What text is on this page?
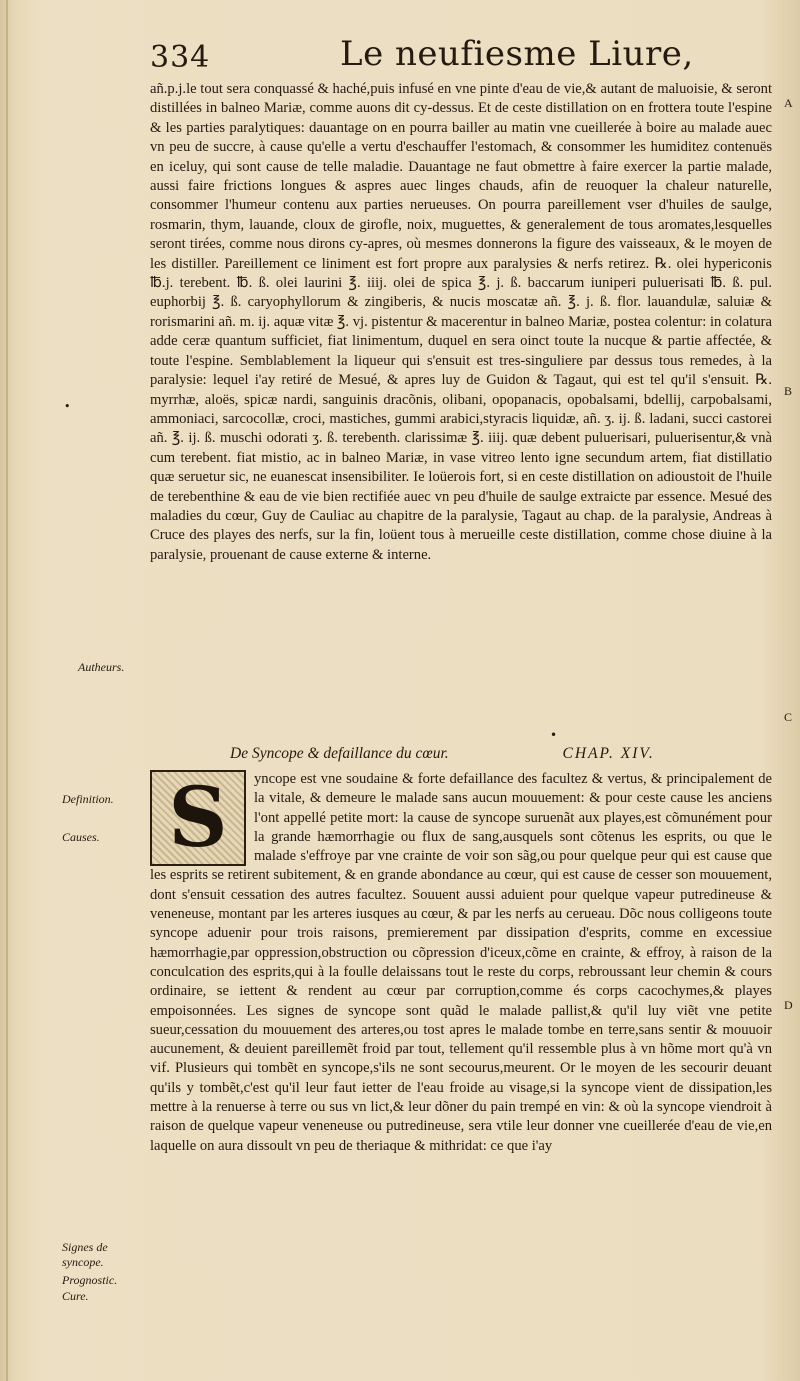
334	Le neufiesme Liure,
A
B
C
D
•
Autheurs.
Definition.
Causes.
Signes de syncope.
Prognostic.
Cure.

añ.p.j.le tout sera conquassé & haché,puis infusé en vne pinte d'eau de vie,& autant de maluoisie, & seront distillées in balneo Mariæ, comme auons dit cy-dessus. Et de ceste distillation on en frottera toute l'espine & les parties paralytiques: dauantage on en pourra bailler au matin vne cueillerée à boire au malade auec vn peu de succre, à cause qu'elle a vertu d'eschauffer l'estomach, & consommer les humiditez contenuës en iceluy, qui sont cause de telle maladie. Dauantage ne faut obmettre à faire exercer la partie malade, aussi faire frictions longues & aspres auec linges chauds, afin de reuoquer la chaleur naturelle, consommer l'humeur contenu aux parties nerueuses. On pourra pareillement vser d'huiles de saulge, rosmarin, thym, lauande, cloux de girofle, noix, muguettes, & generalement de tous aromates,lesquelles seront tirées, comme nous dirons cy-apres, où mesmes donnerons la figure des vaisseaux, & le moyen de les distiller. Pareillement ce liniment est fort propre aux paralysies & nerfs retirez. ℞. olei hypericonis ℔.j. terebent. ℔. ß. olei laurini ℥. iiij. olei de spica ℥. j. ß. baccarum iuniperi puluerisati ℔. ß. pul. euphorbij ℥. ß. caryophyllorum & zingiberis, & nucis moscatæ añ. ℥. j. ß. flor. lauandulæ, saluiæ & rorismarini añ. m. ij. aquæ vitæ ℥. vj. pistentur & macerentur in balneo Mariæ, postea colentur: in colatura adde ceræ quantum sufficiet, fiat linimentum, duquel en sera oinct toute la nucque & partie affectée, & toute l'espine. Semblablement la liqueur qui s'ensuit est tres-singuliere par dessus tous remedes, à la paralysie: lequel i'ay retiré de Mesué, & apres luy de Guidon & Tagaut, qui est tel qu'il s'ensuit. ℞. myrrhæ, aloës, spicæ nardi, sanguinis dracõnis, olibani, opopanacis, opobalsami, bdellij, carpobalsami, ammoniaci, sarcocollæ, croci, mastiches, gummi arabici,styracis liquidæ, añ. ʒ. ij. ß. ladani, succi castorei añ. ℥. ij. ß. muschi odorati ʒ. ß. terebenth. clarissimæ ℥. iiij. quæ debent puluerisari, puluerisentur,& vnà cum terebent. fiat mistio, ac in balneo Mariæ, in vase vitreo lento igne secundum artem, fiat distillatio quæ seruetur sic, ne euanescat insensibiliter. Ie loüerois fort, si en ceste distillation on adioustoit de l'huile de terebenthine & eau de vie bien rectifiée auec vn peu d'huile de saulge extraicte par essence. Mesué des maladies du cœur, Guy de Cauliac au chapitre de la paralysie, Tagaut au chap. de la paralysie, Andreas à Cruce des playes des nerfs, sur la fin, loüent tous à merueille ceste distillation, comme chose diuine à la paralysie, prouenant de cause externe & interne.

•
De Syncope & defaillance du cœur.	CHAP. XIV.
S	yncope est vne soudaine & forte defaillance des facultez & vertus, & principalement de la vitale, & demeure le malade sans aucun mouuement: & pour ceste cause les anciens l'ont appellé petite mort: la cause de syncope suruenãt aux playes,est cõmunément pour la grande hæmorrhagie ou flux de sang,ausquels sont cõtenus les esprits, ou que le malade s'effroye par vne crainte de voir son sãg,ou pour quelque peur qui est cause que les esprits se retirent subitement, & en grande abondance au cœur, qui est cause de cesser son mouuement, dont s'ensuit cessation des autres facultez. Souuent aussi aduient pour quelque vapeur putredineuse & veneneuse, montant par les arteres iusques au cœur, & par les nerfs au cerueau. Dõc nous colligeons toute syncope aduenir pour trois raisons, premierement par dissipation d'esprits, comme en excessiue hæmorrhagie,par oppression,obstruction ou cõpression d'iceux,cõme en crainte, & effroy, à raison de la conculcation des esprits,qui à la foulle delaissans tout le reste du corps, rebroussant leur chemin & cours ordinaire, se iettent & rendent au cœur par corruption,comme és corps cacochymes,& playes empoisonnées. Les signes de syncope sont quãd le malade pallist,& qu'il luy viẽt vne petite sueur,cessation du mouuement des arteres,ou tost apres le malade tombe en terre,sans sentir & mouuoir aucunement, & deuient pareillemẽt froid par tout, tellement qu'il ressemble plus à vn hõme mort qu'à vn vif. Plusieurs qui tombẽt en syncope,s'ils ne sont secourus,meurent. Or le moyen de les secourir deuant qu'ils y tombẽt,c'est qu'il leur faut ietter de l'eau froide au visage,si la syncope vient de dissipation,les mettre à la renuerse à terre ou sus vn lict,& leur dõner du pain trempé en vin: & où la syncope viendroit à raison de quelque vapeur veneneuse ou putredineuse, sera vtile leur donner vne cueillerée d'eau de vie,en laquelle on aura dissoult vn peu de theriaque & mithridat: ce que i'ay
